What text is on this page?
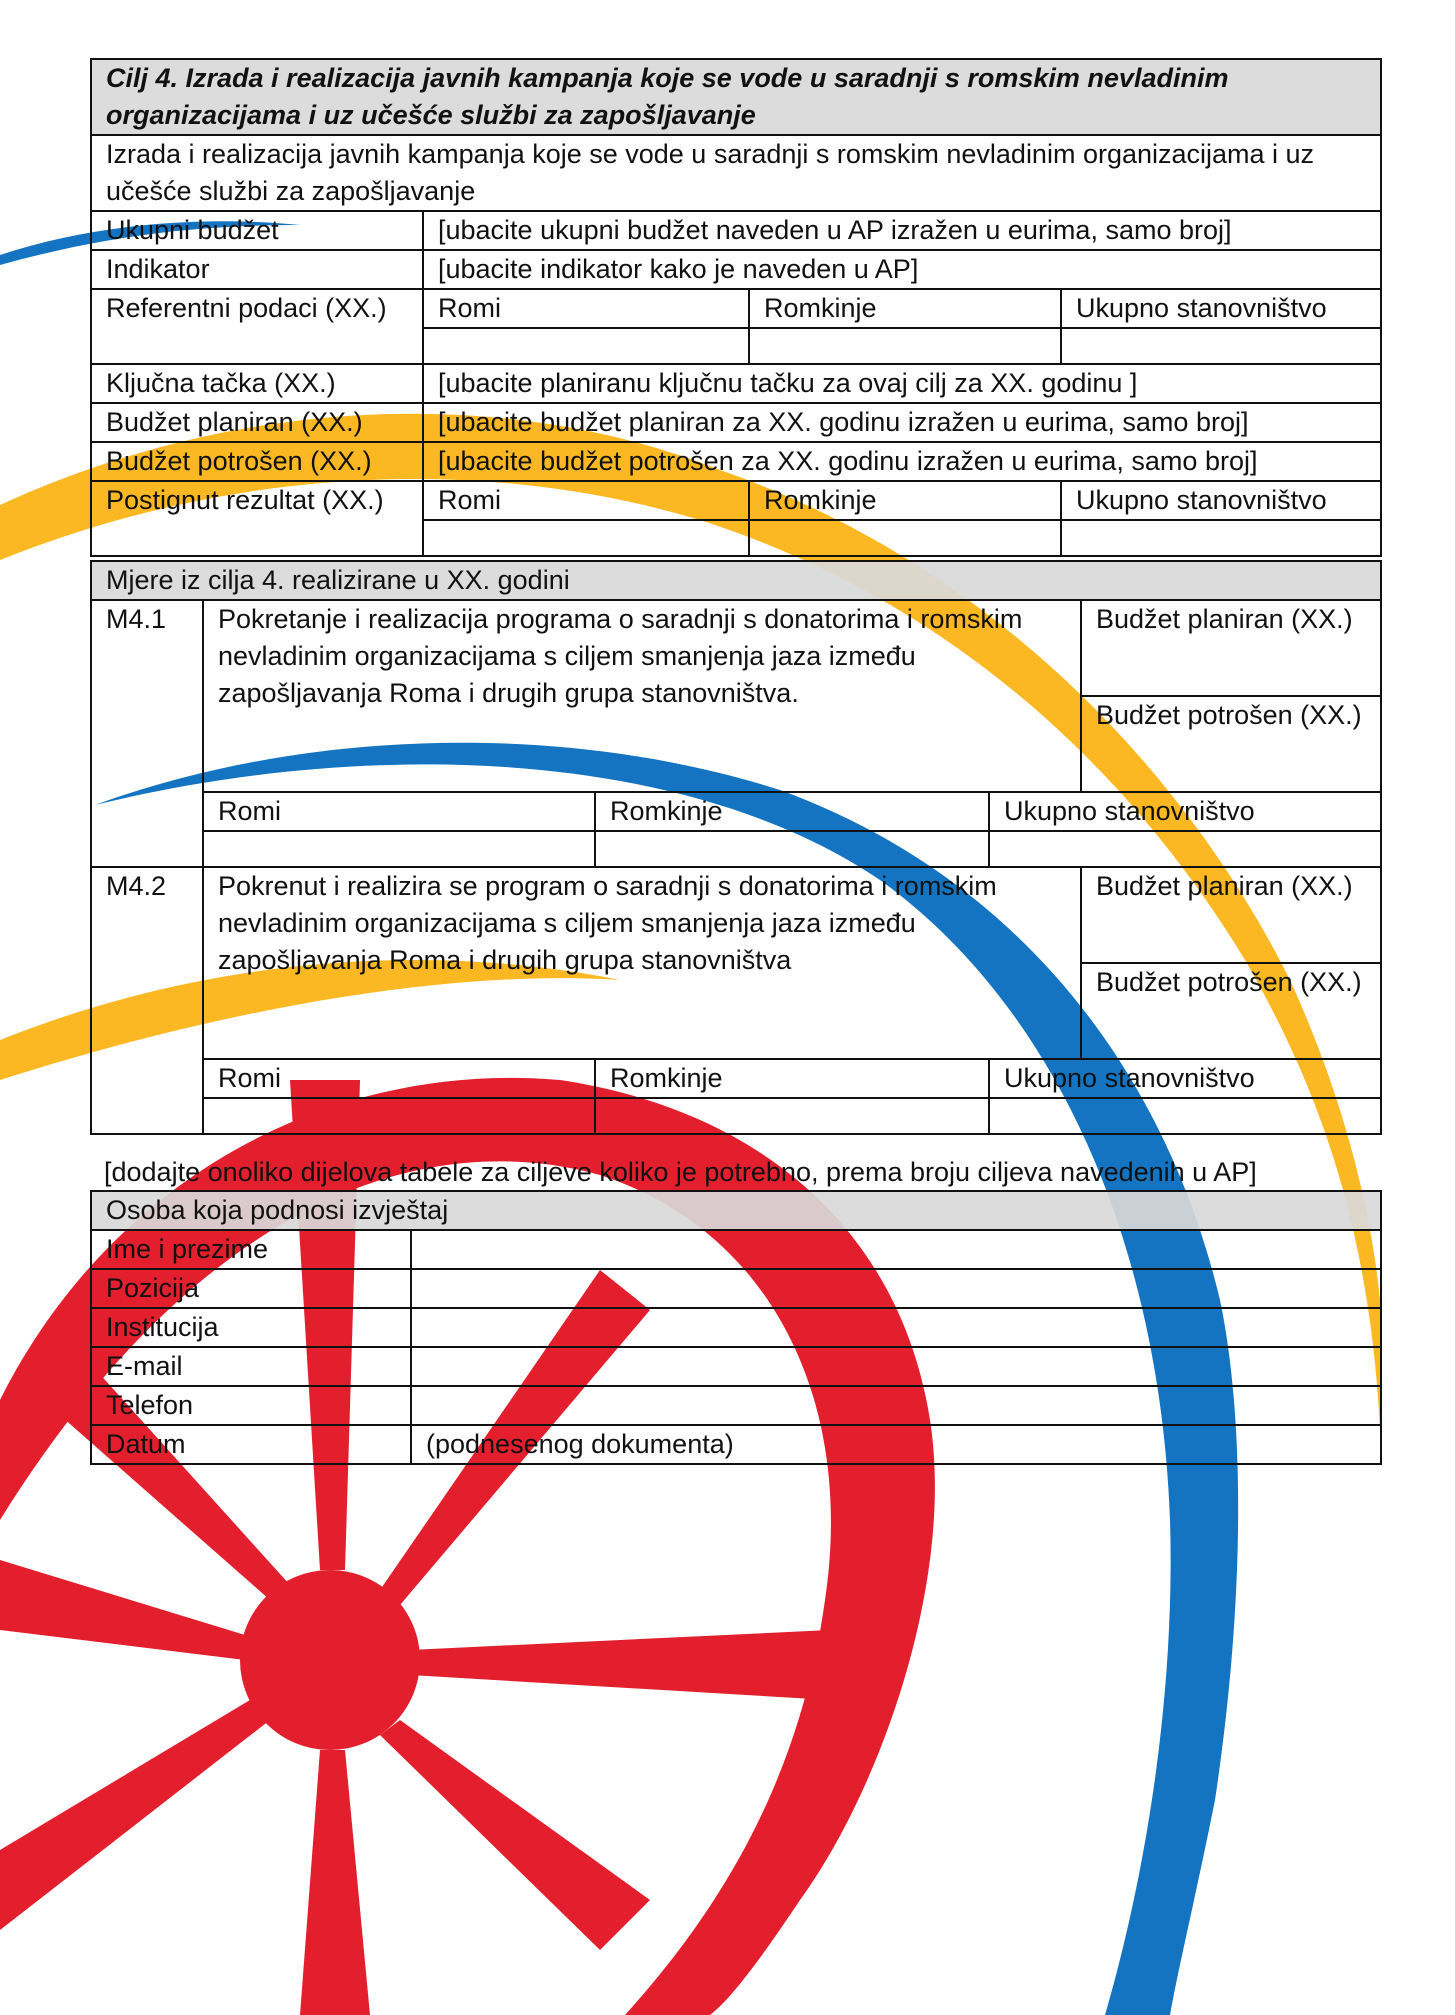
Cilj 4. Izrada i realizacija javnih kampanja koje se vode u saradnji s romskim nevladinim organizacijama i uz učešće službi za zapošljavanje			
Izrada i realizacija javnih kampanja koje se vode u saradnji s romskim nevladinim organizacijama i uz učešće službi za zapošljavanje			
Ukupni budžet	[ubacite ukupni budžet naveden u AP izražen u eurima, samo broj]		
Indikator	[ubacite indikator kako je naveden u AP]		
Referentni podaci (XX.)	Romi	Romkinje	Ukupno stanovništvo

Ključna tačka (XX.)	[ubacite planiranu ključnu tačku za ovaj cilj za XX. godinu ]		
Budžet planiran (XX.)	[ubacite budžet planiran za XX. godinu izražen u eurima, samo broj]		
Budžet potrošen (XX.)	[ubacite budžet potrošen za XX. godinu izražen u eurima, samo broj]		
Postignut rezultat (XX.)	Romi	Romkinje	Ukupno stanovništvo

Mjere iz cilja 4. realizirane u XX. godini				
M4.1	Pokretanje i realizacija programa o saradnji s donatorima i romskim nevladinim organizacijama s ciljem smanjenja jaza između zapošljavanja Roma i drugih grupa stanovništva.			Budžet planiran (XX.)
				Budžet potrošen (XX.)
	Romi	Romkinje	Ukupno stanovništvo	

M4.2	Pokrenut i realizira se program o saradnji s donatorima i romskim nevladinim organizacijama s ciljem smanjenja jaza između zapošljavanja Roma i drugih grupa stanovništva			Budžet planiran (XX.)
				Budžet potrošen (XX.)
	Romi	Romkinje	Ukupno stanovništvo	

[dodajte onoliko dijelova tabele za ciljeve koliko je potrebno, prema broju ciljeva navedenih u AP]
Osoba koja podnosi izvještaj	
Ime i prezime	
Pozicija	
Institucija	
E-mail	
Telefon	
Datum	(podnesenog dokumenta)
